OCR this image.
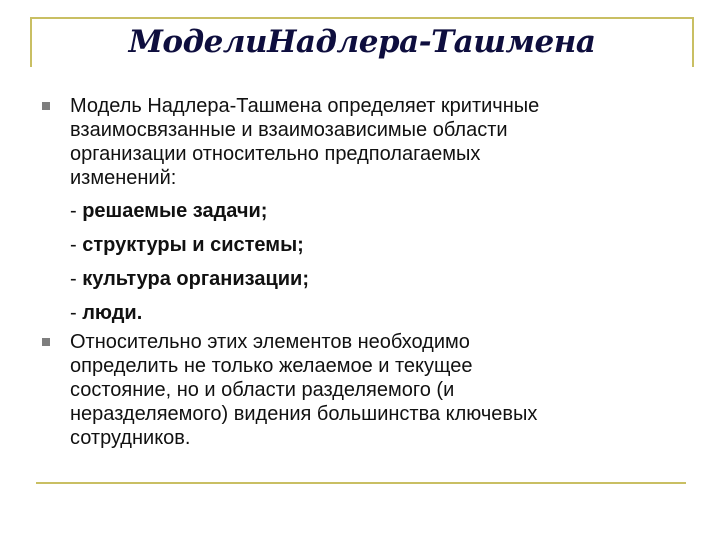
МоделиНадлера-Ташмена
Модель Надлера-Ташмена определяет критичные
взаимосвязанные и взаимозависимые области
организации относительно предполагаемых
изменений:
- решаемые задачи;
- структуры и системы;
- культура организации;
- люди.
Относительно этих элементов необходимо
определить не только желаемое и текущее
состояние, но и области разделяемого (и
неразделяемого) видения большинства ключевых
сотрудников.
